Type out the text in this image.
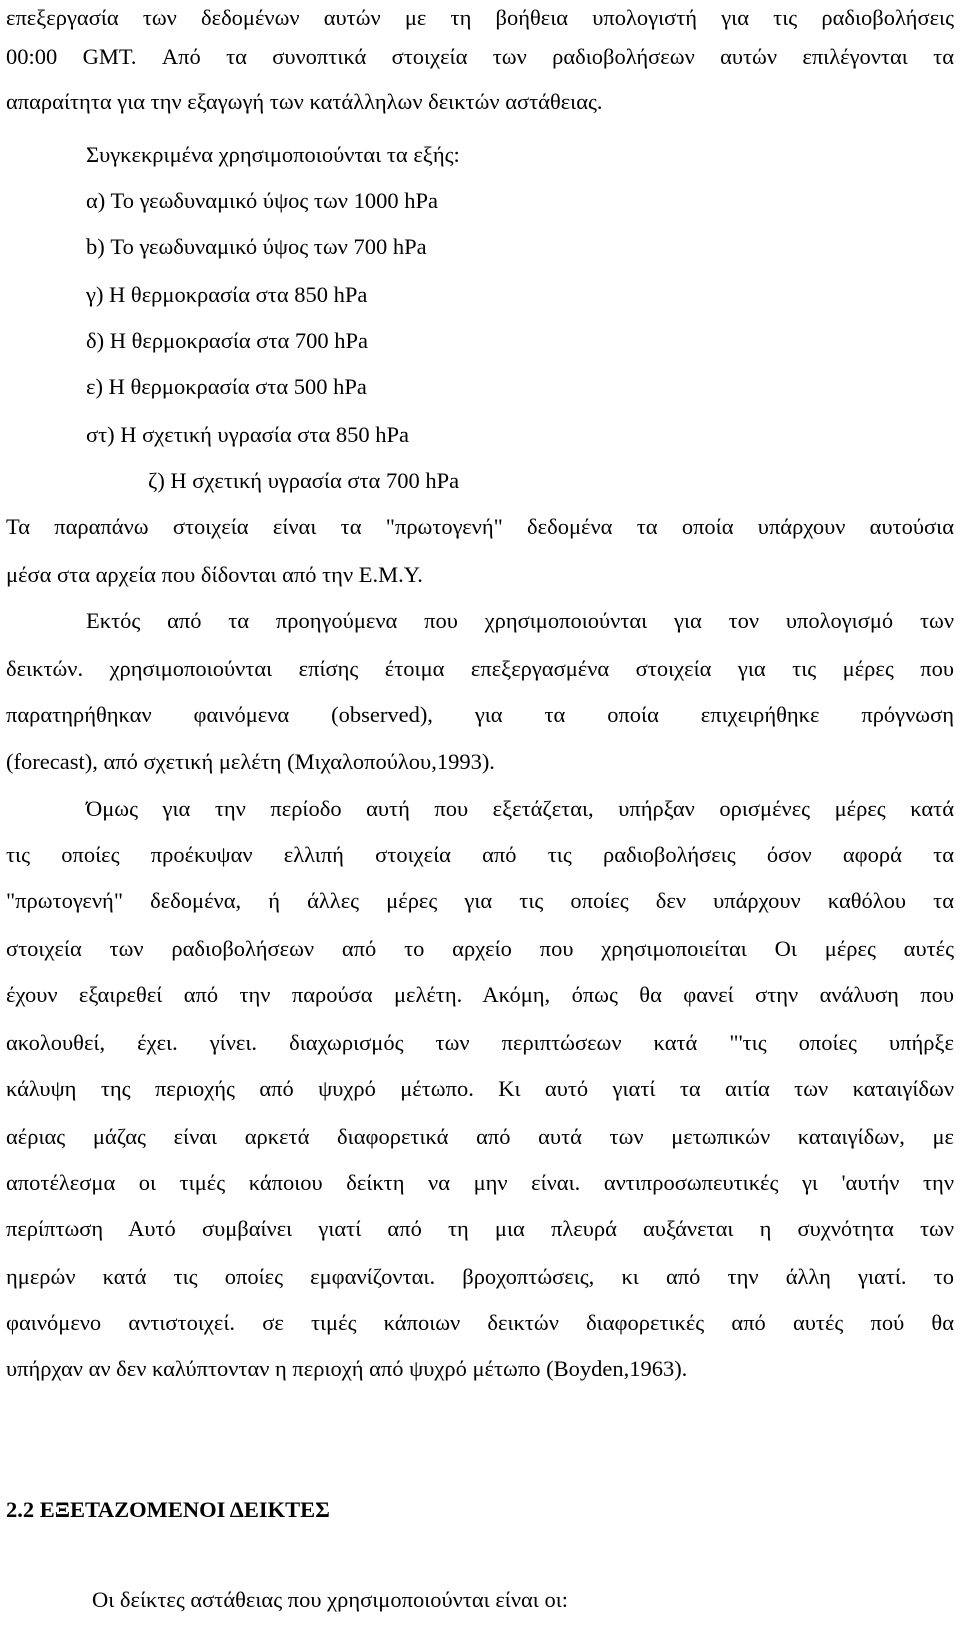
επεξεργασία των δεδομένων αυτών με τη βοήθεια υπολογιστή για τις ραδιοβολήσεις
00:00 GMT. Από τα συνοπτικά στοιχεία των ραδιοβολήσεων αυτών επιλέγονται τα
απαραίτητα για την εξαγωγή των κατάλληλων δεικτών αστάθειας.
Συγκεκριμένα χρησιμοποιούνται τα εξής:
α) Το γεωδυναμικό ύψος των 1000 hPa
b) Το γεωδυναμικό ύψος των 700 hPa
γ) Η θερμοκρασία στα 850 hPa
δ) Η θερμοκρασία στα 700 hPa
ε) Η θερμοκρασία στα 500 hPa
στ) Η σχετική υγρασία στα 850 hPa
ζ) Η σχετική υγρασία στα 700 hPa
Τα παραπάνω στοιχεία είναι τα "πρωτογενή" δεδομένα τα οποία υπάρχουν αυτούσια
μέσα στα αρχεία που δίδονται από την Ε.Μ.Υ.
Εκτός από τα προηγούμενα που χρησιμοποιούνται για τον υπολογισμό των
δεικτών. χρησιμοποιούνται επίσης έτοιμα επεξεργασμένα στοιχεία για τις μέρες που
παρατηρήθηκαν φαινόμενα (observed), για τα οποία επιχειρήθηκε πρόγνωση
(forecast), από σχετική μελέτη (Μιχαλοπούλου,1993).
Όμως για την περίοδο αυτή που εξετάζεται, υπήρξαν ορισμένες μέρες κατά
τις οποίες προέκυψαν ελλιπή στοιχεία από τις ραδιοβολήσεις όσον αφορά τα
"πρωτογενή" δεδομένα, ή άλλες μέρες για τις οποίες δεν υπάρχουν καθόλου τα
στοιχεία των ραδιοβολήσεων από το αρχείο που χρησιμοποιείται Οι μέρες αυτές
έχουν εξαιρεθεί από την παρούσα μελέτη. Ακόμη, όπως θα φανεί στην ανάλυση που
ακολουθεί, έχει. γίνει. διαχωρισμός των περιπτώσεων κατά "'τις οποίες υπήρξε
κάλυψη της περιοχής από ψυχρό μέτωπο. Κι αυτό γιατί τα αιτία των καταιγίδων
αέριας μάζας είναι αρκετά διαφορετικά από αυτά των μετωπικών καταιγίδων, με
αποτέλεσμα οι τιμές κάποιου δείκτη να μην είναι. αντιπροσωπευτικές γι 'αυτήν την
περίπτωση Αυτό συμβαίνει γιατί από τη μια πλευρά αυξάνεται η συχνότητα των
ημερών κατά τις οποίες εμφανίζονται. βροχοπτώσεις, κι από την άλλη γιατί. το
φαινόμενο αντιστοιχεί. σε τιμές κάποιων δεικτών διαφορετικές από αυτές πού θα
υπήρχαν αν δεν καλύπτονταν η περιοχή από ψυχρό μέτωπο (Boyden,1963).
2.2 ΕΞΕΤΑΖΟΜΕΝΟΙ ΔΕΙΚΤΕΣ
Οι δείκτες αστάθειας που χρησιμοποιούνται είναι οι:
